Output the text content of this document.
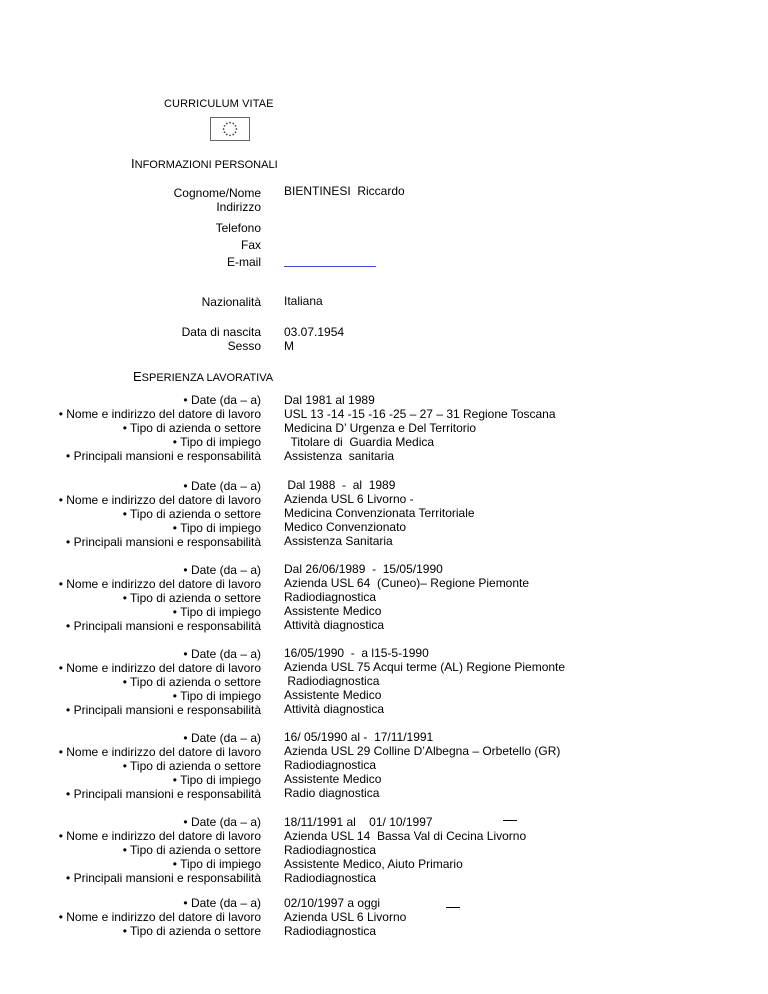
CURRICULUM VITAE
INFORMAZIONI PERSONALI
Cognome/Nome
Indirizzo
Telefono
Fax
E-mail
BIENTINESI  Riccardo
Nazionalità Italiana
Data di nascita
Sesso
03.07.1954
M
ESPERIENZA LAVORATIVA
• Date (da – a)
• Nome e indirizzo del datore di lavoro
• Tipo di azienda o settore
• Tipo di impiego
• Principali mansioni e responsabilità
Dal 1981 al 1989
USL 13 -14 -15 -16 -25 – 27 – 31 Regione Toscana
Medicina D’ Urgenza e Del Territorio
Titolare di  Guardia Medica
Assistenza  sanitaria
• Date (da – a)
• Nome e indirizzo del datore di lavoro
• Tipo di azienda o settore
• Tipo di impiego
• Principali mansioni e responsabilità
Dal 1988  -  al  1989
Azienda USL 6 Livorno -
Medicina Convenzionata Territoriale
Medico Convenzionato
Assistenza Sanitaria
• Date (da – a)
• Nome e indirizzo del datore di lavoro
• Tipo di azienda o settore
• Tipo di impiego
• Principali mansioni e responsabilità
Dal 26/06/1989  -  15/05/1990
Azienda USL 64  (Cuneo)– Regione Piemonte
Radiodiagnostica
Assistente Medico
Attività diagnostica
• Date (da – a)
• Nome e indirizzo del datore di lavoro
• Tipo di azienda o settore
• Tipo di impiego
• Principali mansioni e responsabilità
16/05/1990  -  a l15-5-1990
Azienda USL 75 Acqui terme (AL) Regione Piemonte
Radiodiagnostica
Assistente Medico
Attività diagnostica
• Date (da – a)
• Nome e indirizzo del datore di lavoro
• Tipo di azienda o settore
• Tipo di impiego
• Principali mansioni e responsabilità
16/ 05/1990 al -  17/11/1991
Azienda USL 29 Colline D’Albegna – Orbetello (GR)
Radiodiagnostica
Assistente Medico
Radio diagnostica
• Date (da – a)
• Nome e indirizzo del datore di lavoro
• Tipo di azienda o settore
• Tipo di impiego
• Principali mansioni e responsabilità
18/11/1991 al    01/ 10/1997
Azienda USL 14  Bassa Val di Cecina Livorno
Radiodiagnostica
Assistente Medico, Aiuto Primario
Radiodiagnostica
• Date (da – a)
• Nome e indirizzo del datore di lavoro
• Tipo di azienda o settore
02/10/1997 a oggi
Azienda USL 6 Livorno
Radiodiagnostica
